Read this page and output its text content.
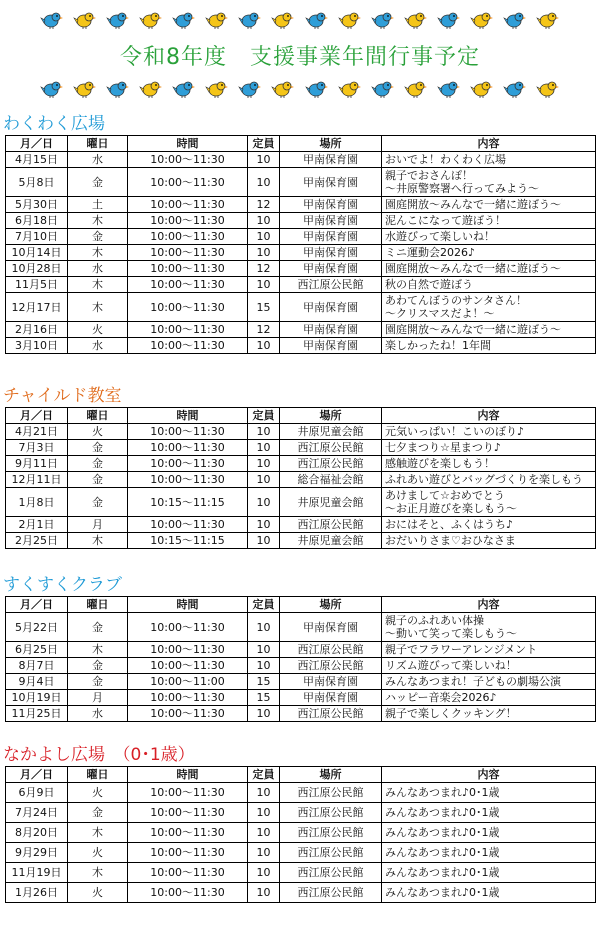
令和8年度　支援事業年間行事予定
わくわく広場
月／日	曜日	時間	定員	場所	内容
4月15日	水	10:00～11:30	10	甲南保育園	おいでよ！わくわく広場
5月8日	金	10:00～11:30	10	甲南保育園	親子でおさんぽ！
～井原警察署へ行ってみよう～
5月30日	土	10:00～11:30	12	甲南保育園	園庭開放～みんなで一緒に遊ぼう～
6月18日	木	10:00～11:30	10	甲南保育園	泥んこになって遊ぼう！
7月10日	金	10:00～11:30	10	甲南保育園	水遊びって楽しいね！
10月14日	木	10:00～11:30	10	甲南保育園	ミニ運動会2026♪
10月28日	水	10:00～11:30	12	甲南保育園	園庭開放～みんなで一緒に遊ぼう～
11月5日	木	10:00～11:30	10	西江原公民館	秋の自然で遊ぼう
12月17日	木	10:00～11:30	15	甲南保育園	あわてんぼうのサンタさん！
～クリスマスだよ！～
2月16日	火	10:00～11:30	12	甲南保育園	園庭開放～みんなで一緒に遊ぼう～
3月10日	水	10:00～11:30	10	甲南保育園	楽しかったね！1年間
チャイルド教室
月／日	曜日	時間	定員	場所	内容
4月21日	火	10:00～11:30	10	井原児童会館	元気いっぱい！こいのぼり♪
7月3日	金	10:00～11:30	10	西江原公民館	七夕まつり☆星まつり♪
9月11日	金	10:00～11:30	10	西江原公民館	感触遊びを楽しもう！
12月11日	金	10:00～11:30	10	総合福祉会館	ふれあい遊びとバッグづくりを楽しもう
1月8日	金	10:15～11:15	10	井原児童会館	あけまして☆おめでとう
～お正月遊びを楽しもう～
2月1日	月	10:00～11:30	10	西江原公民館	おにはそと、ふくはうち♪
2月25日	木	10:15～11:15	10	井原児童会館	おだいりさま♡おひなさま
すくすくクラブ
月／日	曜日	時間	定員	場所	内容
5月22日	金	10:00～11:30	10	甲南保育園	親子のふれあい体操
～動いて笑って楽しもう～
6月25日	木	10:00～11:30	10	西江原公民館	親子でフラワーアレンジメント
8月7日	金	10:00～11:30	10	西江原公民館	リズム遊びって楽しいね！
9月4日	金	10:00～11:00	15	甲南保育園	みんなあつまれ！子どもの劇場公演
10月19日	月	10:00～11:30	15	甲南保育園	ハッピー音楽会2026♪
11月25日	水	10:00～11:30	10	西江原公民館	親子で楽しくクッキング！
なかよし広場　（0･1歳）
月／日	曜日	時間	定員	場所	内容
6月9日	火	10:00～11:30	10	西江原公民館	みんなあつまれ♪0･1歳
7月24日	金	10:00～11:30	10	西江原公民館	みんなあつまれ♪0･1歳
8月20日	木	10:00～11:30	10	西江原公民館	みんなあつまれ♪0･1歳
9月29日	火	10:00～11:30	10	西江原公民館	みんなあつまれ♪0･1歳
11月19日	木	10:00～11:30	10	西江原公民館	みんなあつまれ♪0･1歳
1月26日	火	10:00～11:30	10	西江原公民館	みんなあつまれ♪0･1歳
